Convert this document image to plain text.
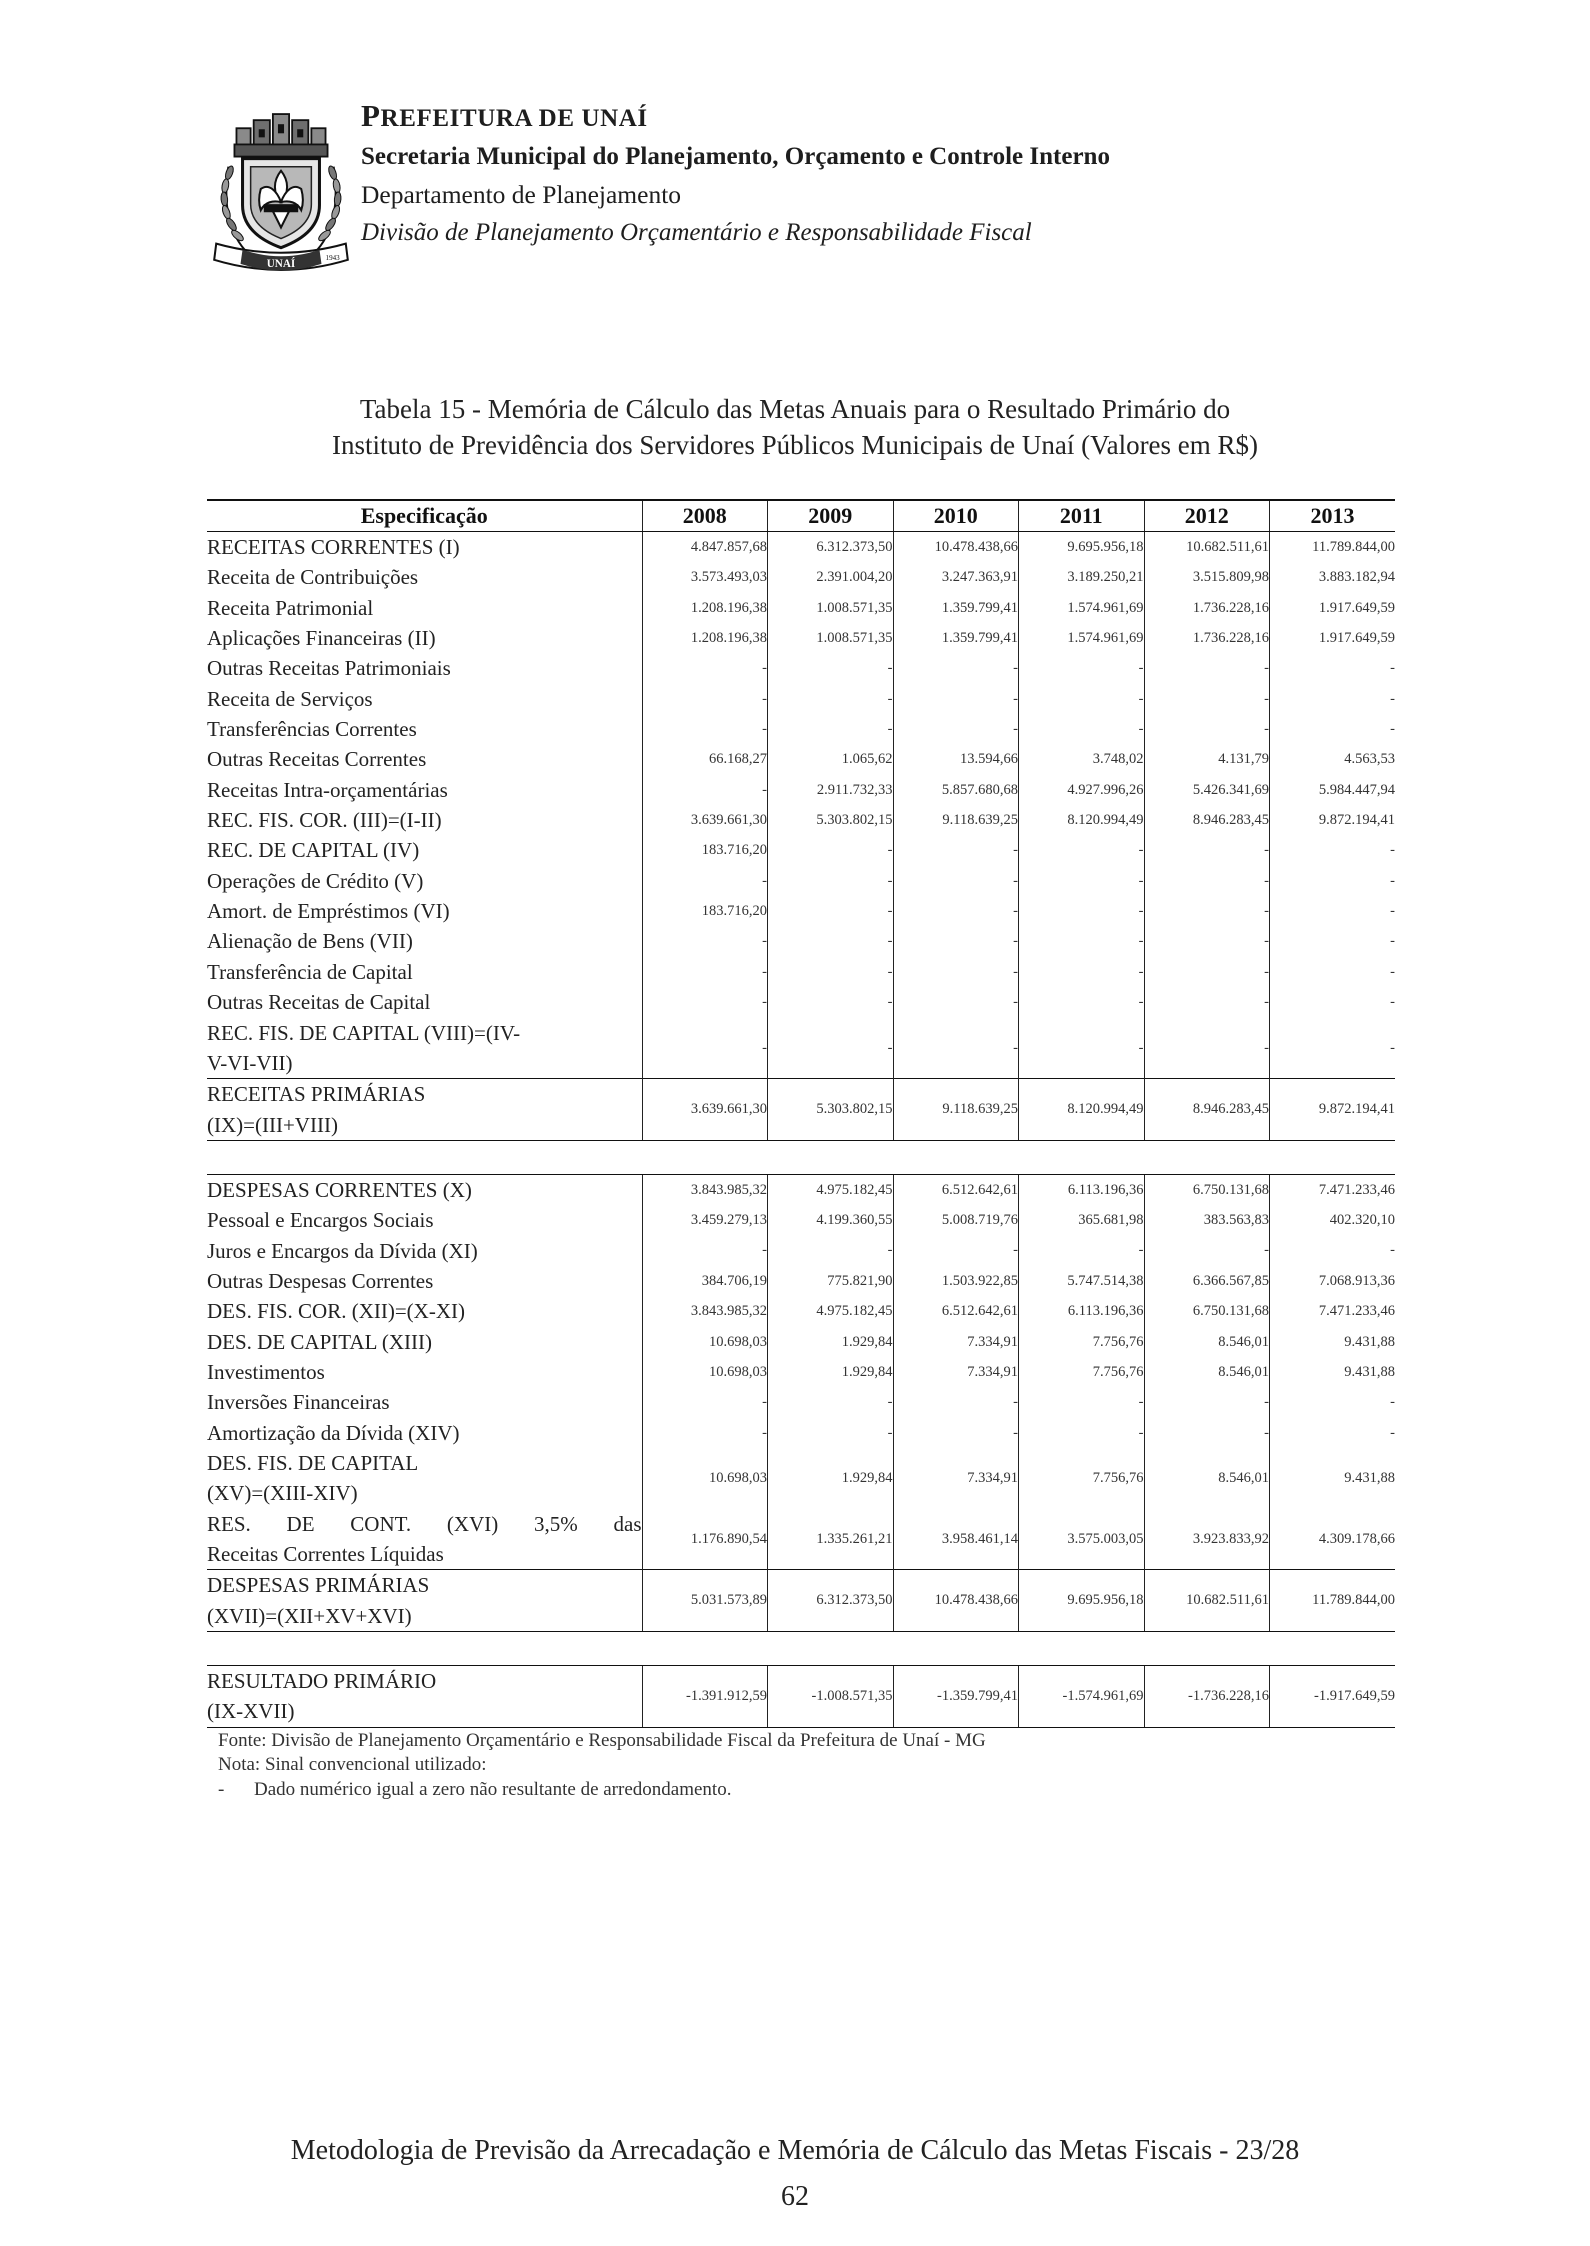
UNAÍ
1943
PREFEITURA DE UNAÍ
Secretaria Municipal do Planejamento, Orçamento e Controle Interno
Departamento de Planejamento
Divisão de Planejamento Orçamentário e Responsabilidade Fiscal
Tabela 15 - Memória de Cálculo das Metas Anuais para o Resultado Primário do
Instituto de Previdência dos Servidores Públicos Municipais de Unaí (Valores em R$)
Especificação	2008	2009	2010	2011	2012	2013

RECEITAS CORRENTES (I)	4.847.857,68	6.312.373,50	10.478.438,66	9.695.956,18	10.682.511,61	11.789.844,00

Receita de Contribuições	3.573.493,03	2.391.004,20	3.247.363,91	3.189.250,21	3.515.809,98	3.883.182,94

Receita Patrimonial	1.208.196,38	1.008.571,35	1.359.799,41	1.574.961,69	1.736.228,16	1.917.649,59

Aplicações Financeiras (II)	1.208.196,38	1.008.571,35	1.359.799,41	1.574.961,69	1.736.228,16	1.917.649,59

Outras Receitas Patrimoniais	-	-	-	-	-	-

Receita de Serviços	-	-	-	-	-	-

Transferências Correntes	-	-	-	-	-	-

Outras Receitas Correntes	66.168,27	1.065,62	13.594,66	3.748,02	4.131,79	4.563,53

Receitas Intra-orçamentárias	-	2.911.732,33	5.857.680,68	4.927.996,26	5.426.341,69	5.984.447,94

REC. FIS. COR. (III)=(I-II)	3.639.661,30	5.303.802,15	9.118.639,25	8.120.994,49	8.946.283,45	9.872.194,41

REC. DE CAPITAL (IV)	183.716,20	-	-	-	-	-

Operações de Crédito (V)	-	-	-	-	-	-

Amort. de Empréstimos (VI)	183.716,20	-	-	-	-	-

Alienação de Bens (VII)	-	-	-	-	-	-

Transferência de Capital	-	-	-	-	-	-

Outras Receitas de Capital	-	-	-	-	-	-

REC. FIS. DE CAPITAL (VIII)=(IV-
V-VI-VII)	-	-	-	-	-	-

RECEITAS PRIMÁRIAS
(IX)=(III+VIII)	3.639.661,30	5.303.802,15	9.118.639,25	8.120.994,49	8.946.283,45	9.872.194,41

DESPESAS CORRENTES (X)	3.843.985,32	4.975.182,45	6.512.642,61	6.113.196,36	6.750.131,68	7.471.233,46

Pessoal e Encargos Sociais	3.459.279,13	4.199.360,55	5.008.719,76	365.681,98	383.563,83	402.320,10

Juros e Encargos da Dívida (XI)	-	-	-	-	-	-

Outras Despesas Correntes	384.706,19	775.821,90	1.503.922,85	5.747.514,38	6.366.567,85	7.068.913,36

DES. FIS. COR. (XII)=(X-XI)	3.843.985,32	4.975.182,45	6.512.642,61	6.113.196,36	6.750.131,68	7.471.233,46

DES. DE CAPITAL (XIII)	10.698,03	1.929,84	7.334,91	7.756,76	8.546,01	9.431,88

Investimentos	10.698,03	1.929,84	7.334,91	7.756,76	8.546,01	9.431,88

Inversões Financeiras	-	-	-	-	-	-

Amortização da Dívida (XIV)	-	-	-	-	-	-

DES. FIS. DE CAPITAL
(XV)=(XIII-XIV)	10.698,03	1.929,84	7.334,91	7.756,76	8.546,01	9.431,88

RES. DE CONT. (XVI) 3,5% das
Receitas Correntes Líquidas	1.176.890,54	1.335.261,21	3.958.461,14	3.575.003,05	3.923.833,92	4.309.178,66

DESPESAS PRIMÁRIAS
(XVII)=(XII+XV+XVI)	5.031.573,89	6.312.373,50	10.478.438,66	9.695.956,18	10.682.511,61	11.789.844,00

RESULTADO PRIMÁRIO
(IX-XVII)	-1.391.912,59	-1.008.571,35	-1.359.799,41	-1.574.961,69	-1.736.228,16	-1.917.649,59
Fonte: Divisão de Planejamento Orçamentário e Responsabilidade Fiscal da Prefeitura de Unaí - MG
Nota: Sinal convencional utilizado:
- Dado numérico igual a zero não resultante de arredondamento.
Metodologia de Previsão da Arrecadação e Memória de Cálculo das Metas Fiscais - 23/28
62
